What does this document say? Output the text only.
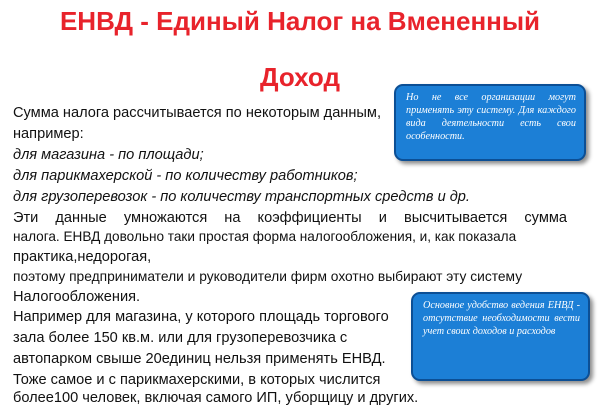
ЕНВД - Единый Налог на Вмененный
Доход
Сумма налога рассчитывается по некоторым данным,
например:
для магазина - по площади;
для парикмахерской - по количеству работников;
для грузоперевозок - по количеству транспортных средств и др.
Эти данные умножаются на коэффициенты и высчитывается сумма
налога. ЕНВД довольно таки простая форма налогообложения, и, как показала
практика,недорогая,
поэтому предприниматели и руководители фирм охотно выбирают эту систему
Налогообложения.
Например для магазина, у которого площадь торгового
зала более 150 кв.м. или для грузоперевозчика с
автопарком свыше 20единиц нельзя применять ЕНВД.
Тоже самое и с парикмахерскими, в которых числится
более100 человек, включая самого ИП, уборщицу и других.
Но не все организации могут применять эту систему. Для каждого вида деятельности есть свои особенности.
Основное удобство ведения ЕНВД - отсутствие необходимости вести учет своих доходов и расходов
